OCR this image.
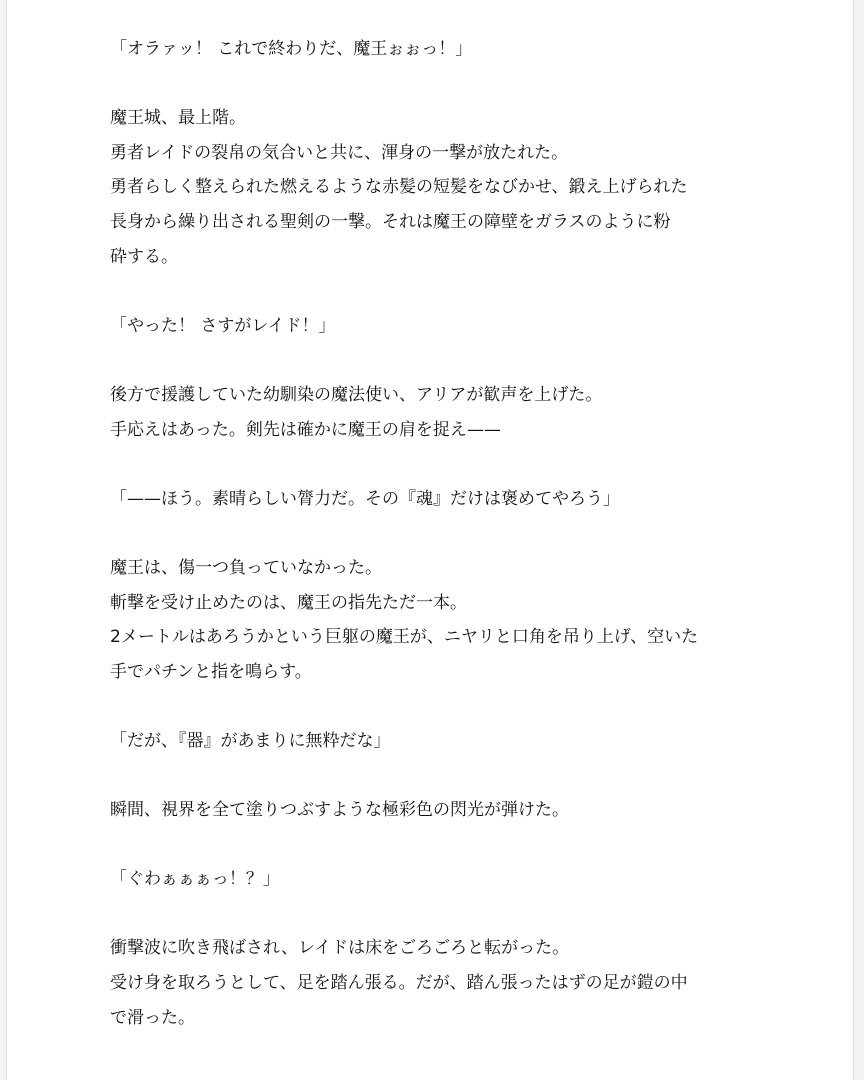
「オラァッ！ これで終わりだ、魔王ぉぉっ！」
魔王城、最上階。
勇者レイドの裂帛の気合いと共に、渾身の一撃が放たれた。
勇者らしく整えられた燃えるような赤髪の短髪をなびかせ、鍛え上げられた
長身から繰り出される聖剣の一撃。それは魔王の障壁をガラスのように粉
砕する。
「やった！ さすがレイド！」
後方で援護していた幼馴染の魔法使い、アリアが歓声を上げた。
手応えはあった。剣先は確かに魔王の肩を捉え——
「——ほう。素晴らしい膂力だ。その『魂』だけは褒めてやろう」
魔王は、傷一つ負っていなかった。
斬撃を受け止めたのは、魔王の指先ただ一本。
2メートルはあろうかという巨躯の魔王が、ニヤリと口角を吊り上げ、空いた
手でパチンと指を鳴らす。
「だが、『器』があまりに無粋だな」
瞬間、視界を全て塗りつぶすような極彩色の閃光が弾けた。
「ぐわぁぁぁっ！？」
衝撃波に吹き飛ばされ、レイドは床をごろごろと転がった。
受け身を取ろうとして、足を踏ん張る。だが、踏ん張ったはずの足が鎧の中
で滑った。
